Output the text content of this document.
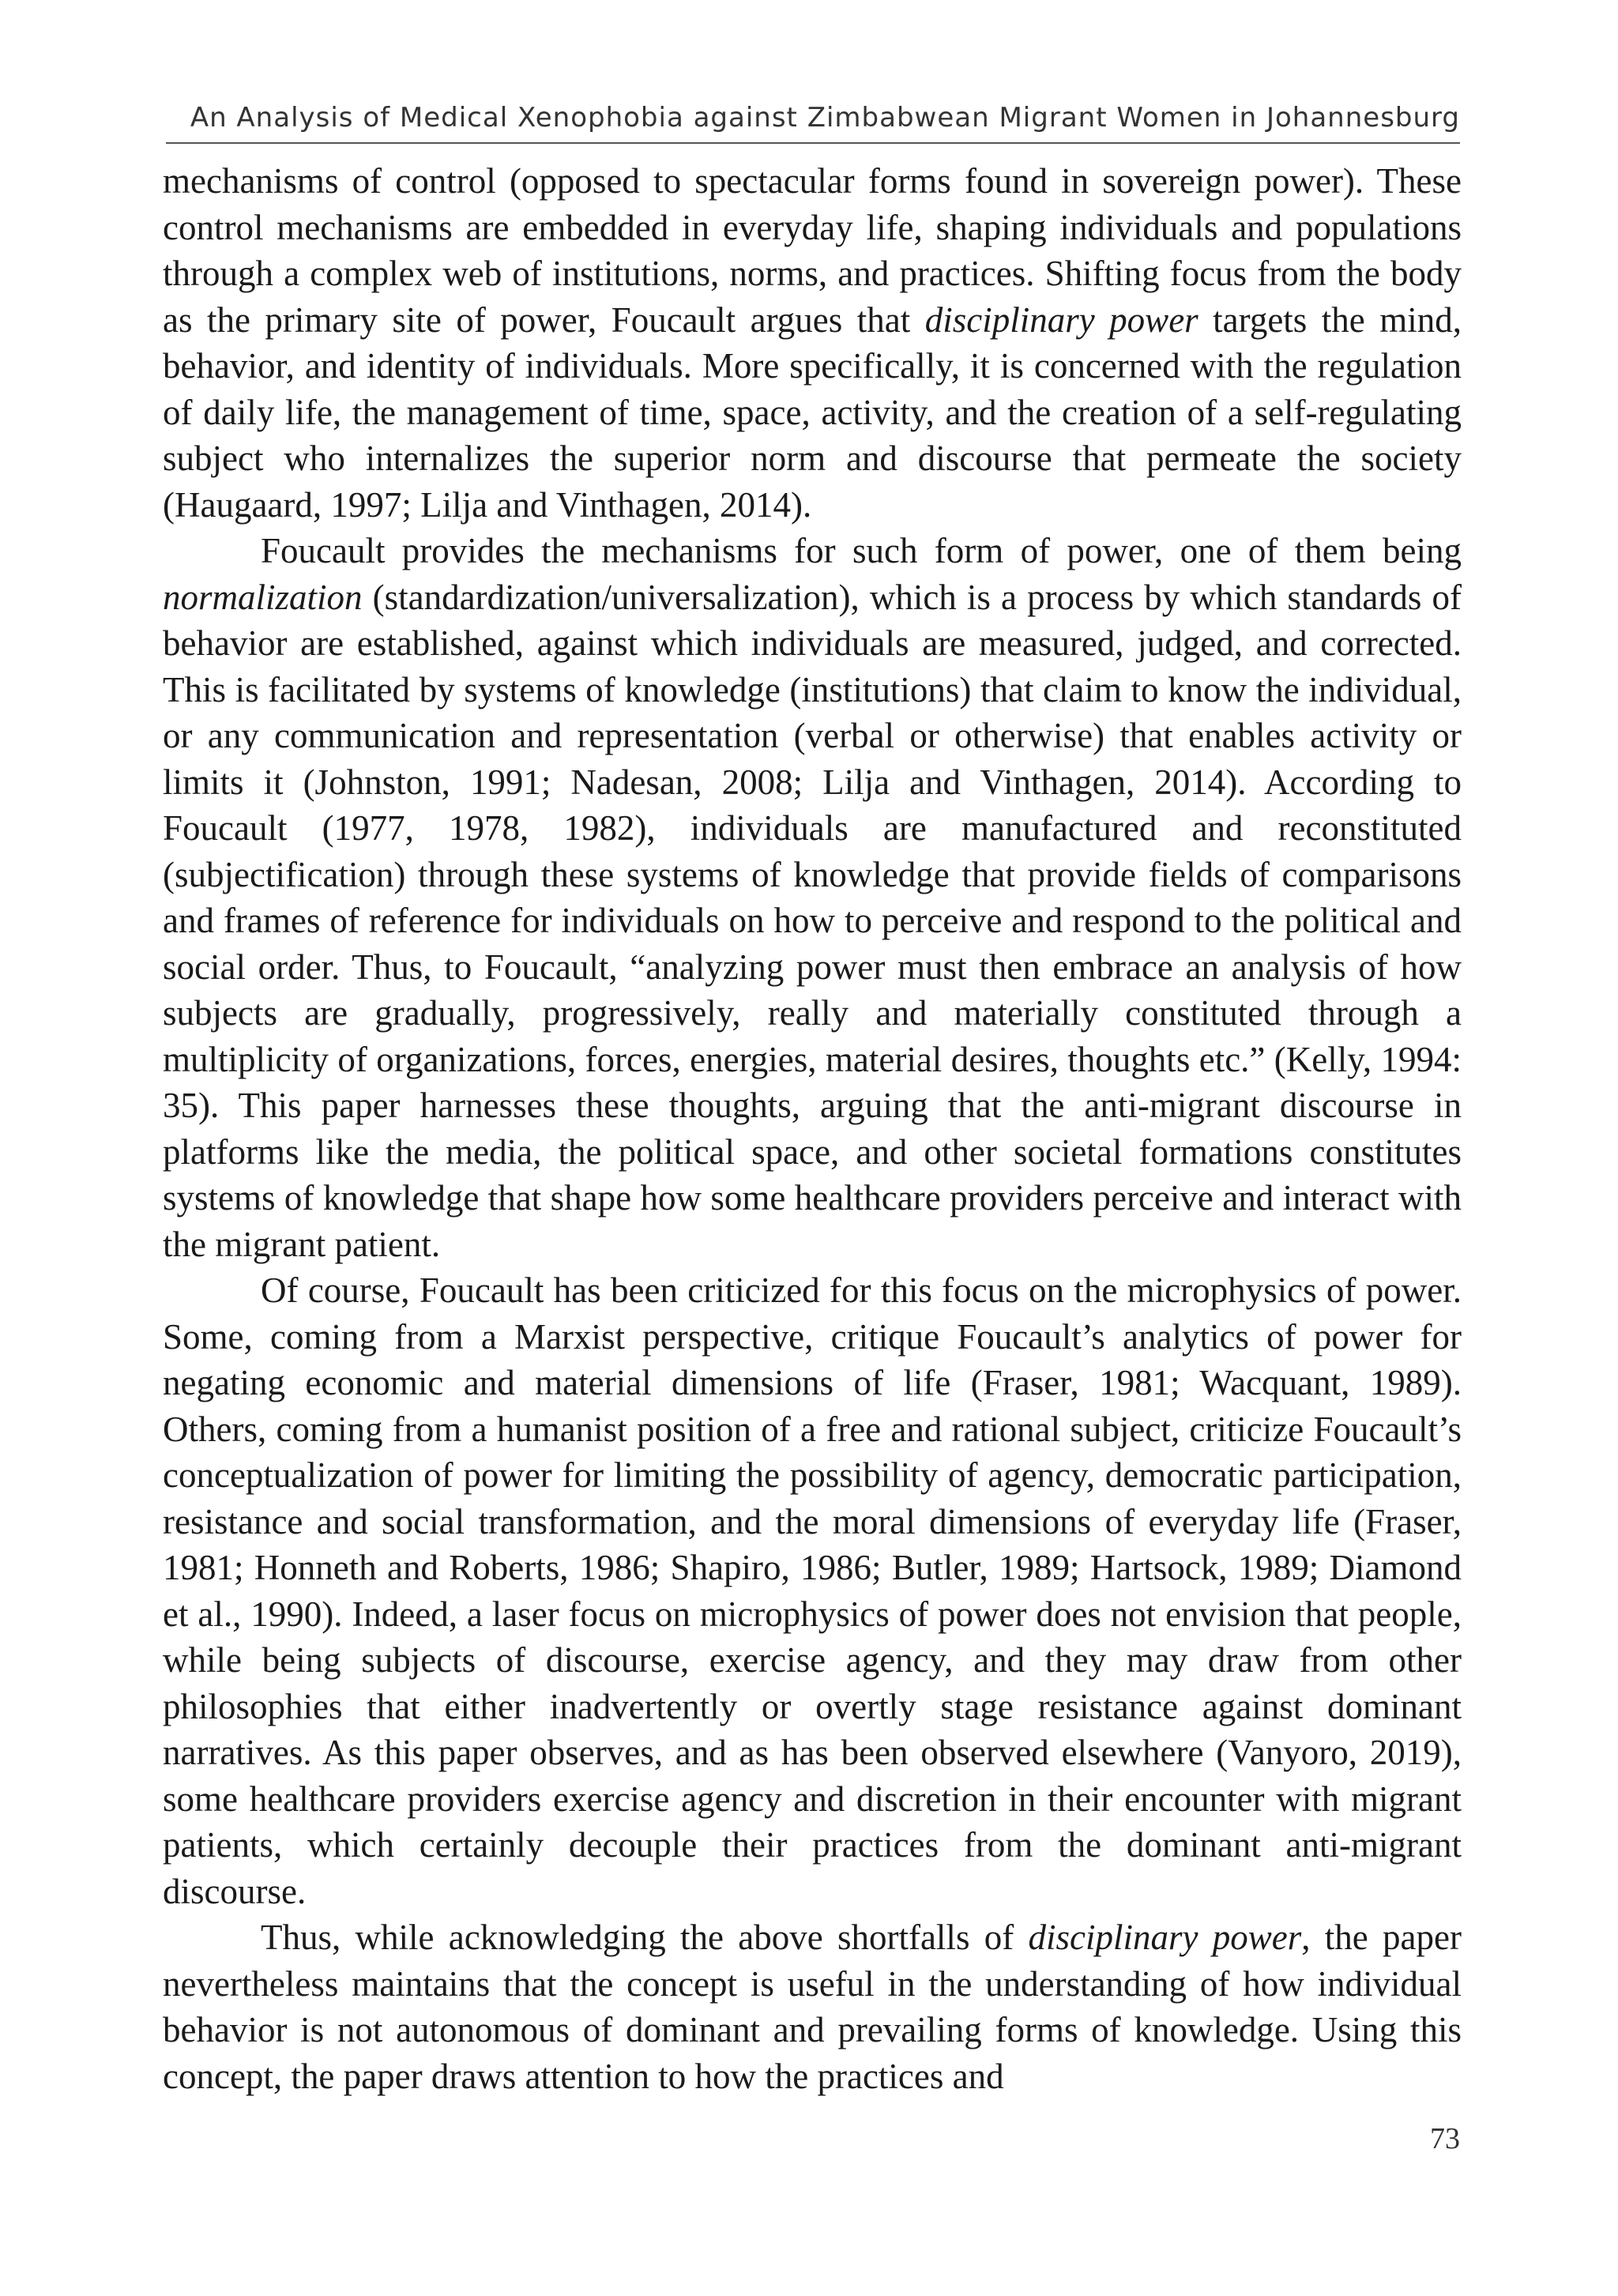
An Analysis of Medical Xenophobia against Zimbabwean Migrant Women in Johannesburg

mechanisms of control (opposed to spectacular forms found in sovereign power). These control mechanisms are embedded in everyday life, shaping individuals and populations through a complex web of institutions, norms, and practices. Shifting focus from the body as the primary site of power, Foucault argues that disciplinary power targets the mind, behavior, and identity of individuals. More specifically, it is concerned with the regulation of daily life, the management of time, space, activity, and the creation of a self-regulating subject who internalizes the superior norm and discourse that permeate the society (Haugaard, 1997; Lilja and Vinthagen, 2014).

Foucault provides the mechanisms for such form of power, one of them being normalization (standardization/universalization), which is a process by which standards of behavior are established, against which individuals are measured, judged, and corrected. This is facilitated by systems of knowledge (institutions) that claim to know the individual, or any communication and representation (verbal or otherwise) that enables activity or limits it (Johnston, 1991; Nadesan, 2008; Lilja and Vinthagen, 2014). According to Foucault (1977, 1978, 1982), individuals are manufactured and reconstituted (subjectification) through these systems of knowledge that provide fields of comparisons and frames of reference for individuals on how to perceive and respond to the political and social order. Thus, to Foucault, “analyzing power must then embrace an analysis of how subjects are gradually, progressively, really and materially constituted through a multiplicity of organizations, forces, energies, material desires, thoughts etc.” (Kelly, 1994: 35). This paper harnesses these thoughts, arguing that the anti-migrant discourse in platforms like the media, the political space, and other societal formations constitutes systems of knowledge that shape how some healthcare providers perceive and interact with the migrant patient.

Of course, Foucault has been criticized for this focus on the microphysics of power. Some, coming from a Marxist perspective, critique Foucault’s analytics of power for negating economic and material dimensions of life (Fraser, 1981; Wacquant, 1989). Others, coming from a humanist position of a free and rational subject, criticize Foucault’s conceptualization of power for limiting the possibility of agency, democratic participation, resistance and social transformation, and the moral dimensions of everyday life (Fraser, 1981; Honneth and Roberts, 1986; Shapiro, 1986; Butler, 1989; Hartsock, 1989; Diamond et al., 1990). Indeed, a laser focus on microphysics of power does not envision that people, while being subjects of discourse, exercise agency, and they may draw from other philosophies that either inadvertently or overtly stage resistance against dominant narratives. As this paper observes, and as has been observed elsewhere (Vanyoro, 2019), some healthcare providers exercise agency and discretion in their encounter with migrant patients, which certainly decouple their practices from the dominant anti-migrant discourse.

Thus, while acknowledging the above shortfalls of disciplinary power, the paper nevertheless maintains that the concept is useful in the understanding of how individual behavior is not autonomous of dominant and prevailing forms of knowledge. Using this concept, the paper draws attention to how the practices and

73
